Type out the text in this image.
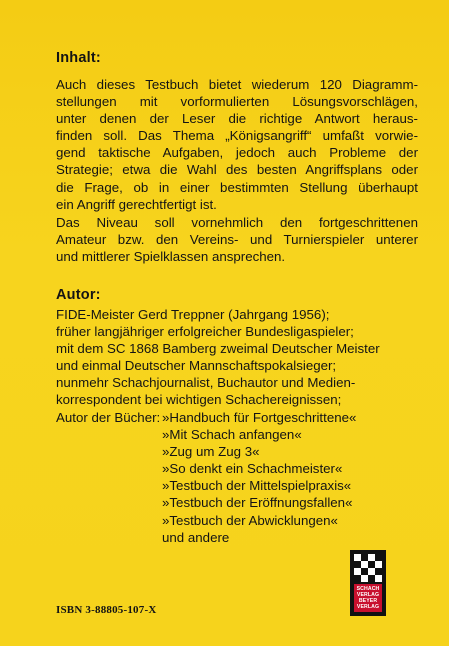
Inhalt:
Auch dieses Testbuch bietet wiederum 120 Diagramm-
stellungen mit vorformulierten Lösungsvorschlägen,
unter denen der Leser die richtige Antwort heraus-
finden soll. Das Thema „Königsangriff“ umfaßt vorwie-
gend taktische Aufgaben, jedoch auch Probleme der
Strategie; etwa die Wahl des besten Angriffsplans oder
die Frage, ob in einer bestimmten Stellung überhaupt
ein Angriff gerechtfertigt ist.
Das Niveau soll vornehmlich den fortgeschrittenen
Amateur bzw. den Vereins- und Turnierspieler unterer
und mittlerer Spielklassen ansprechen.
Autor:
FIDE-Meister Gerd Treppner (Jahrgang 1956);
früher langjähriger erfolgreicher Bundesligaspieler;
mit dem SC 1868 Bamberg zweimal Deutscher Meister
und einmal Deutscher Mannschaftspokalsieger;
nunmehr Schachjournalist, Buchautor und Medien-
korrespondent bei wichtigen Schachereignissen;
Autor der Bücher: »Handbuch für Fortgeschrittene«
»Mit Schach anfangen«
»Zug um Zug 3«
»So denkt ein Schachmeister«
»Testbuch der Mittelspielpraxis«
»Testbuch der Eröffnungsfallen«
»Testbuch der Abwicklungen«
und andere
SCHACH
VERLAG
BEYER
VERLAG
ISBN 3-88805-107-X
